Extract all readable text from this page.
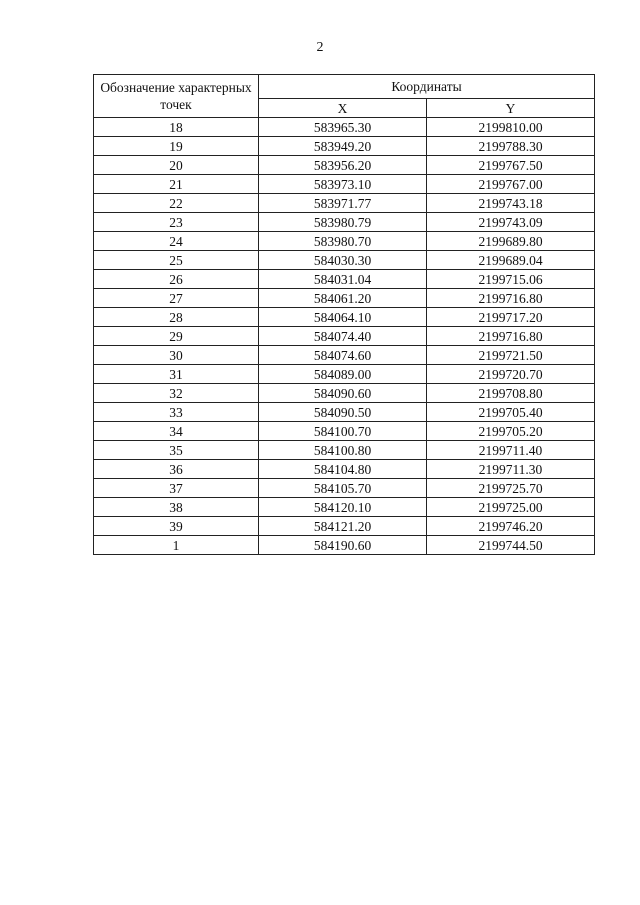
2
Обозначение характерных точек	Координаты	
	X	Y
18	583965.30	2199810.00
19	583949.20	2199788.30
20	583956.20	2199767.50
21	583973.10	2199767.00
22	583971.77	2199743.18
23	583980.79	2199743.09
24	583980.70	2199689.80
25	584030.30	2199689.04
26	584031.04	2199715.06
27	584061.20	2199716.80
28	584064.10	2199717.20
29	584074.40	2199716.80
30	584074.60	2199721.50
31	584089.00	2199720.70
32	584090.60	2199708.80
33	584090.50	2199705.40
34	584100.70	2199705.20
35	584100.80	2199711.40
36	584104.80	2199711.30
37	584105.70	2199725.70
38	584120.10	2199725.00
39	584121.20	2199746.20
1	584190.60	2199744.50
